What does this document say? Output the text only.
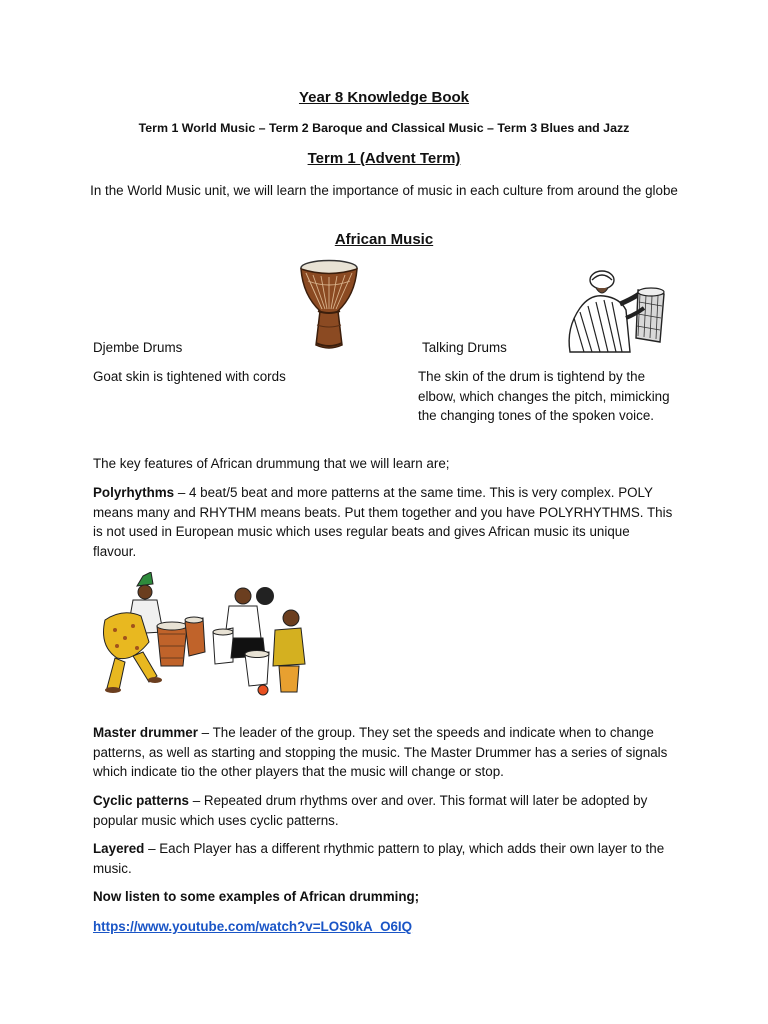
Year 8 Knowledge Book
Term 1 World Music – Term 2 Baroque and Classical Music – Term 3 Blues and Jazz
Term 1 (Advent Term)
In the World Music unit, we will learn the importance of music in each culture from around the globe
African Music
Djembe Drums	Talking Drums
Goat skin is tightened with cords	The skin of the drum is tightend by the elbow, which changes the pitch, mimicking the changing tones of the spoken voice.
The key features of African drummung that we will learn are;
Polyrhythms – 4 beat/5 beat and more patterns at the same time. This is very complex. POLY means many and RHYTHM means beats. Put them together and you have POLYRHYTHMS. This is not used in European music which uses regular beats and gives African music its unique flavour.
Master drummer – The leader of the group. They set the speeds and indicate when to change patterns, as well as starting and stopping the music. The Master Drummer has a series of signals which indicate tio the other players that the music will change or stop.
Cyclic patterns – Repeated drum rhythms over and over. This format will later be adopted by popular music which uses cyclic patterns.
Layered – Each Player has a different rhythmic pattern to play, which adds their own layer to the music.
Now listen to some examples of African drumming;
https://www.youtube.com/watch?v=LOS0kA_O6IQ
